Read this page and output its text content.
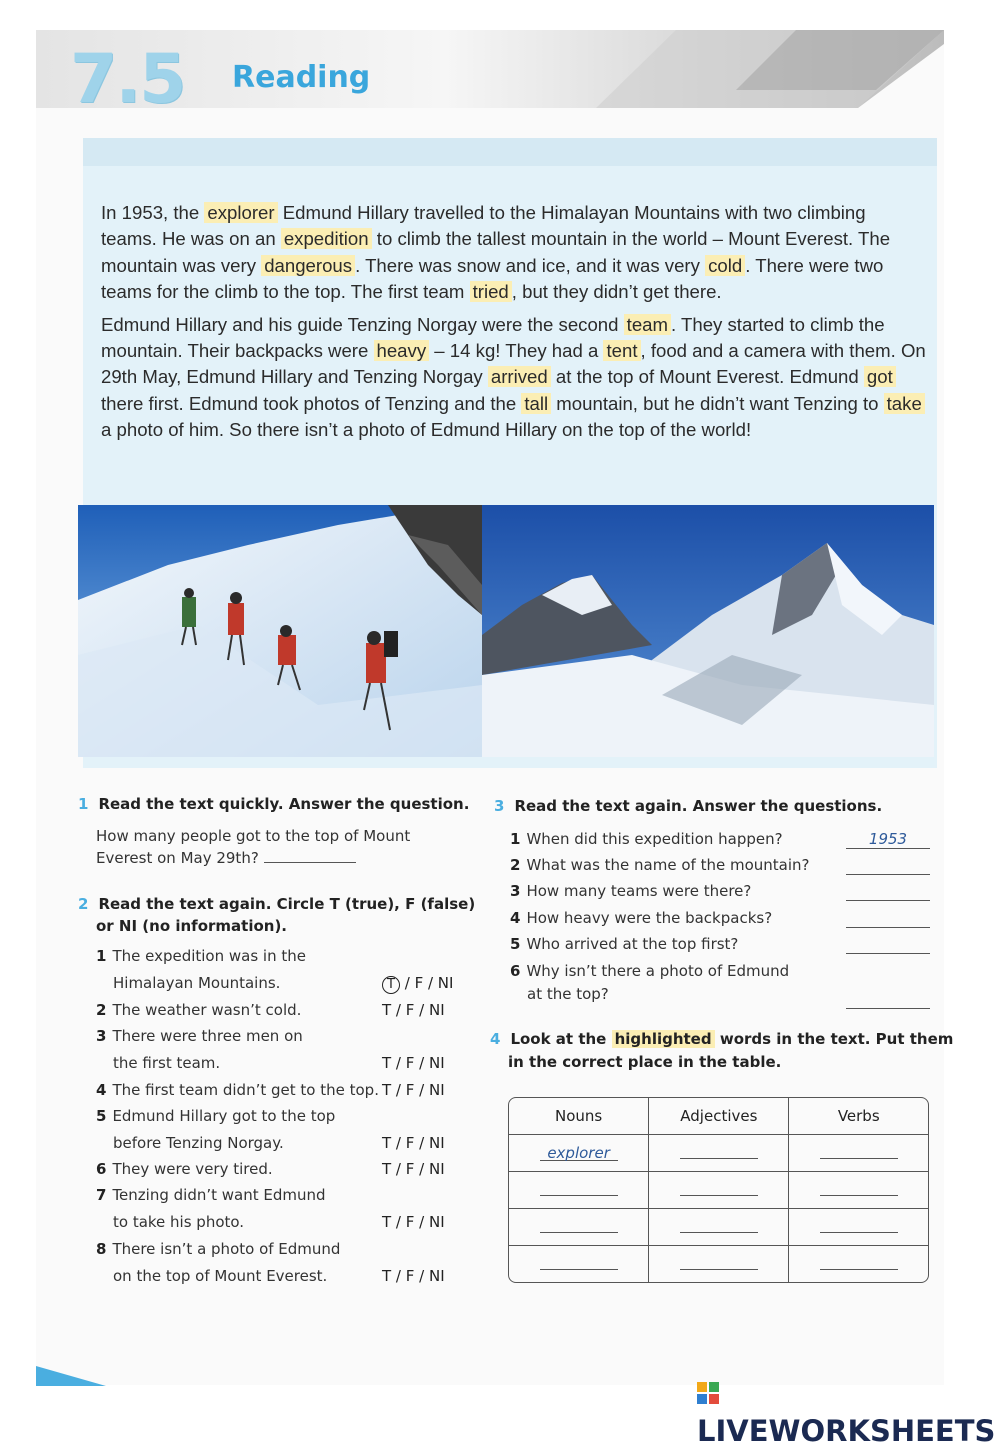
7.5 Reading

In 1953, the explorer Edmund Hillary travelled to the Himalayan Mountains with two climbing teams. He was on an expedition to climb the tallest mountain in the world – Mount Everest. The mountain was very dangerous . There was snow and ice, and it was very cold . There were two teams for the climb to the top. The first team tried , but they didn’t get there.

Edmund Hillary and his guide Tenzing Norgay were the second team . They started to climb the mountain. Their backpacks were heavy – 14 kg! They had a tent , food and a camera with them. On 29th May, Edmund Hillary and Tenzing Norgay arrived at the top of Mount Everest. Edmund got there first. Edmund took photos of Tenzing and the tall mountain, but he didn’t want Tenzing to take a photo of him. So there isn’t a photo of Edmund Hillary on the top of the world!

1 Read the text quickly. Answer the question.
How many people got to the top of Mount
Everest on May 29th?
2 Read the text again. Circle T (true), F (false)
or NI (no information).
1 The expedition was in the
Himalayan Mountains.	T / F / NI
2 The weather wasn’t cold.	T / F / NI
3 There were three men on
the first team.	T / F / NI
4 The first team didn’t get to the top. T / F / NI
5 Edmund Hillary got to the top
before Tenzing Norgay.	T / F / NI
6 They were very tired.	T / F / NI
7 Tenzing didn’t want Edmund
to take his photo.	T / F / NI
8 There isn’t a photo of Edmund
on the top of Mount Everest.	T / F / NI
3 Read the text again. Answer the questions.
1 When did this expedition happen?	1953
2 What was the name of the mountain?
3 How many teams were there?
4 How heavy were the backpacks?
5 Who arrived at the top first?
6 Why isn’t there a photo of Edmund
at the top?
4 Look at the highlighted words in the text. Put them
in the correct place in the table.
Nouns	Adjectives	Verbs
explorer		

LIVEWORKSHEETS
